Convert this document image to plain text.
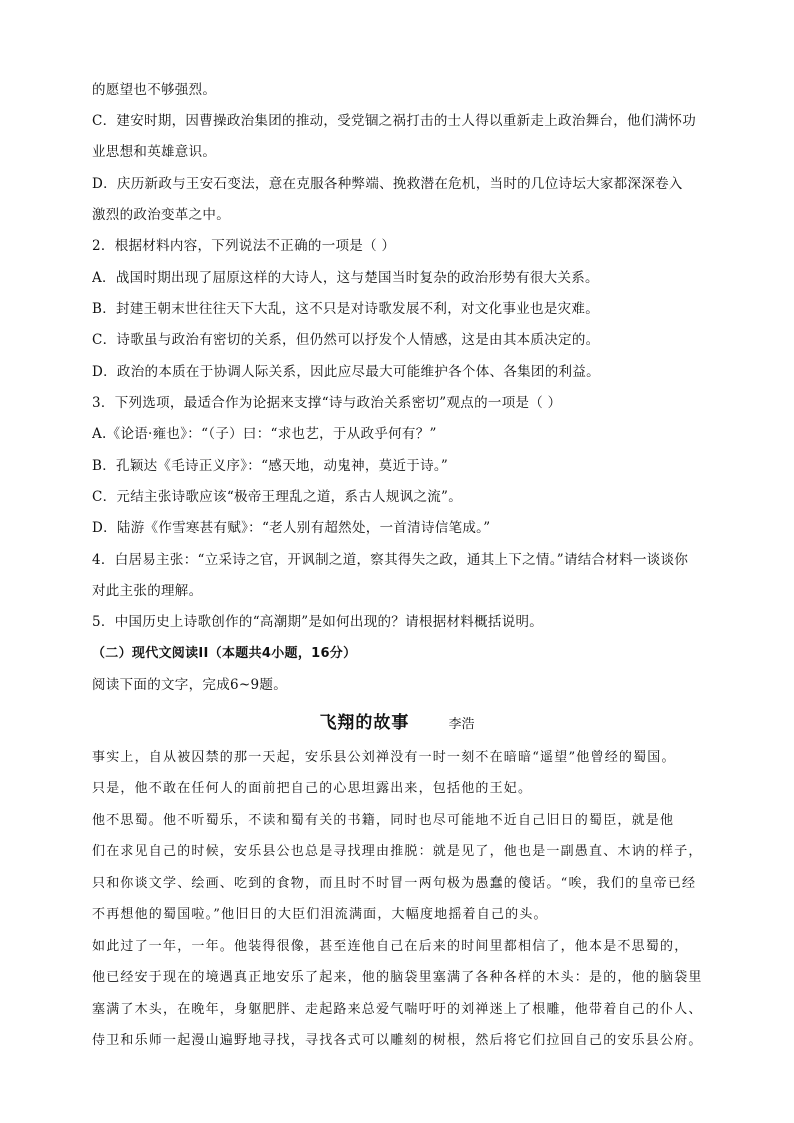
的愿望也不够强烈。
C．建安时期，因曹操政治集团的推动，受党锢之祸打击的士人得以重新走上政治舞台，他们满怀功
业思想和英雄意识。
D．庆历新政与王安石变法，意在克服各种弊端、挽救潜在危机，当时的几位诗坛大家都深深卷入
激烈的政治变革之中。
2．根据材料内容，下列说法不正确的一项是（ ）
A．战国时期出现了屈原这样的大诗人，这与楚国当时复杂的政治形势有很大关系。
B．封建王朝末世往往天下大乱，这不只是对诗歌发展不利，对文化事业也是灾难。
C．诗歌虽与政治有密切的关系，但仍然可以抒发个人情感，这是由其本质决定的。
D．政治的本质在于协调人际关系，因此应尽最大可能维护各个体、各集团的利益。
3．下列选项，最适合作为论据来支撑“诗与政治关系密切”观点的一项是（ ）
A.《论语·雍也》：“（子）曰：“求也艺，于从政乎何有？”
B．孔颖达《毛诗正义序》：“感天地，动鬼神，莫近于诗。”
C．元结主张诗歌应该“极帝王理乱之道，系古人规讽之流”。
D．陆游《作雪寒甚有赋》：“老人别有超然处，一首清诗信笔成。”
4．白居易主张：“立采诗之官，开讽制之道，察其得失之政，通其上下之情。”请结合材料一谈谈你
对此主张的理解。
5．中国历史上诗歌创作的“高潮期”是如何出现的？请根据材料概括说明。
（二）现代文阅读II（本题共4小题，16分）
阅读下面的文字，完成6~9题。
飞翔的故事	李浩
事实上，自从被囚禁的那一天起，安乐县公刘禅没有一时一刻不在暗暗“遥望”他曾经的蜀国。
只是，他不敢在任何人的面前把自己的心思坦露出来，包括他的王妃。
他不思蜀。他不听蜀乐，不读和蜀有关的书籍，同时也尽可能地不近自己旧日的蜀臣，就是他
们在求见自己的时候，安乐县公也总是寻找理由推脱：就是见了，他也是一副愚直、木讷的样子，
只和你谈文学、绘画、吃到的食物，而且时不时冒一两句极为愚蠢的傻话。“唉，我们的皇帝已经
不再想他的蜀国啦。”他旧日的大臣们泪流满面，大幅度地摇着自己的头。
如此过了一年，一年。他装得很像，甚至连他自己在后来的时间里都相信了，他本是不思蜀的，
他已经安于现在的境遇真正地安乐了起来，他的脑袋里塞满了各种各样的木头：是的，他的脑袋里
塞满了木头，在晚年，身躯肥胖、走起路来总爱气喘吁吁的刘禅迷上了根雕，他带着自己的仆人、
侍卫和乐师一起漫山遍野地寻找，寻找各式可以雕刻的树根，然后将它们拉回自己的安乐县公府。
